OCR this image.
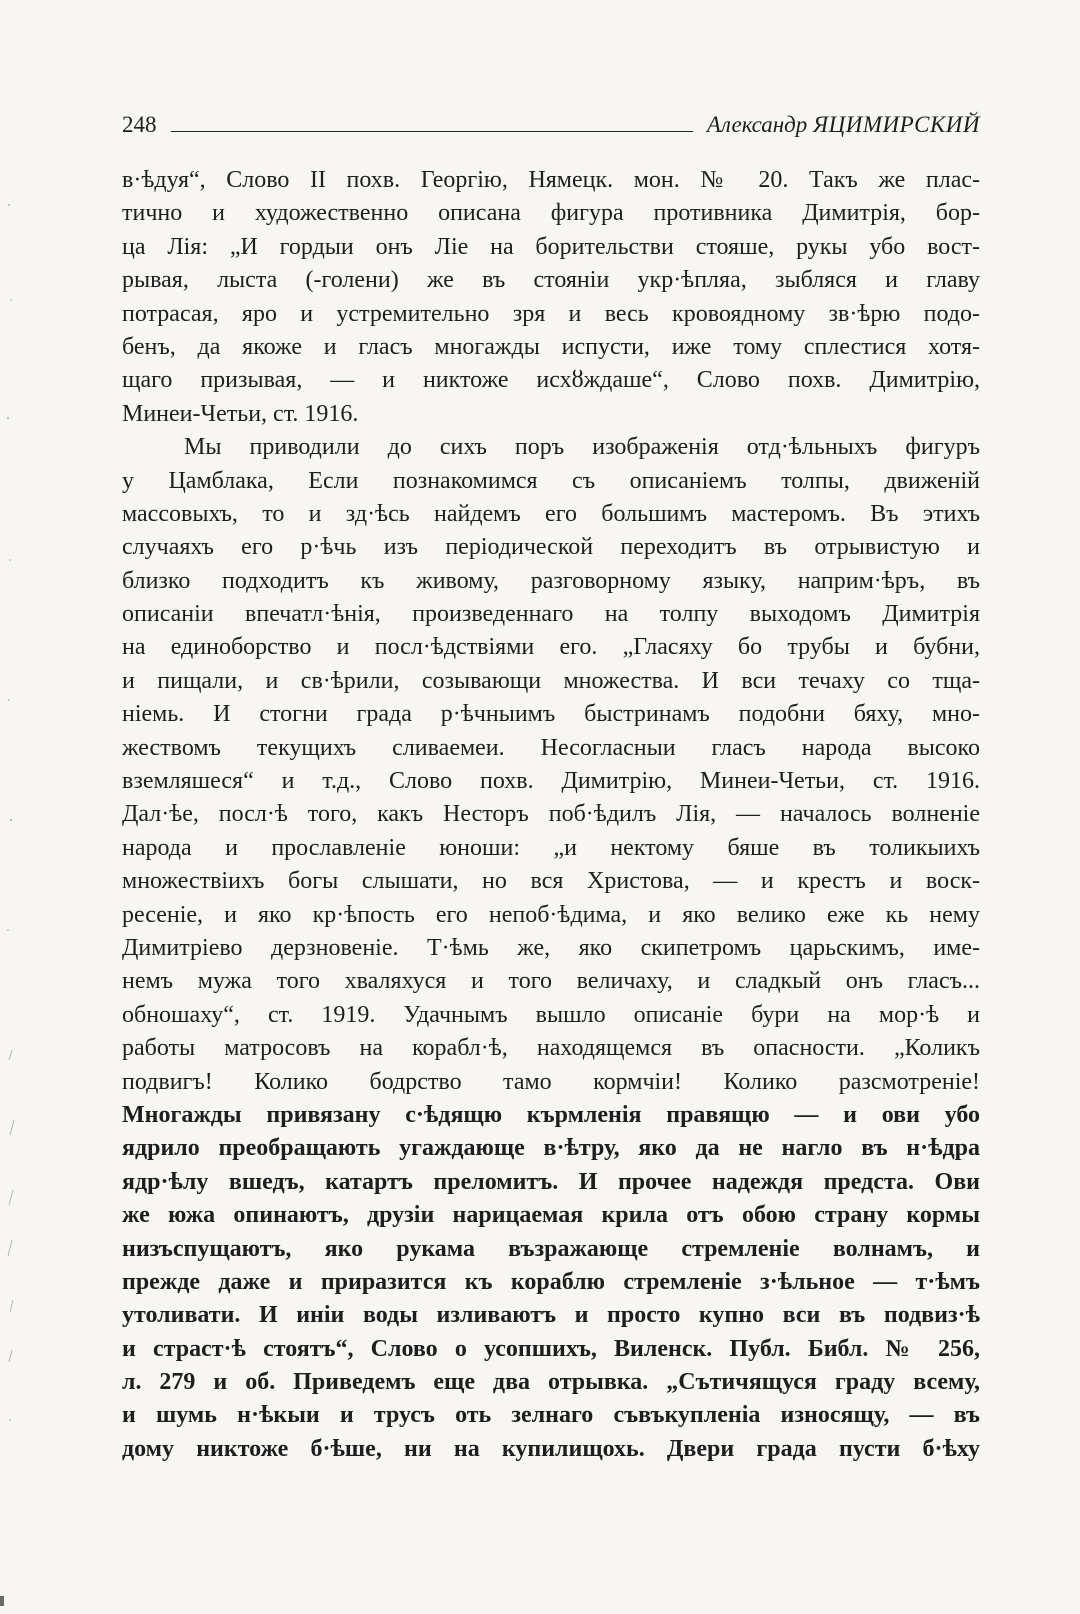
248	Александр ЯЦИМИРСКИЙ
в·ѣдуя“, Слово II похв. Георгію, Нямецк. мон. № 20. Такъ же плас-
тично и художественно описана фигура противника Димитрія, бор-
ца Лія: „И гордыи онъ Ліе на борительстви стояше, рукы убо вост-
рывая, лыста (-голени) же въ стояніи укр·ѣпляа, зыбляся и главу
потрасая, яро и устремительно зря и весь кровоядному зв·ѣрю подо-
бенъ, да якоже и гласъ многажды испусти, иже тому сплестися хотя-
щаго призывая, — и никтоже исхȣждаше“, Слово похв. Димитрію,
Минеи-Четьи, ст. 1916.
Мы приводили до сихъ поръ изображенія отд·ѣльныхъ фигуръ
у Цамблака, Если познакомимся съ описаніемъ толпы, движеній
массовыхъ, то и зд·ѣсь найдемъ его большимъ мастеромъ. Въ этихъ
случаяхъ его р·ѣчь изъ періодической переходитъ въ отрывистую и
близко подходитъ къ живому, разговорному языку, наприм·ѣръ, въ
описаніи впечатл·ѣнія, произведеннаго на толпу выходомъ Димитрія
на единоборство и посл·ѣдствіями его. „Гласяху бо трубы и бубни,
и пищали, и св·ѣрили, созывающи множества. И вси течаху со тща-
ніемь. И стогни града р·ѣчныимъ быстринамъ подобни бяху, мно-
жествомъ текущихъ сливаемеи. Несогласныи гласъ народа высоко
вземляшеся“ и т.д., Слово похв. Димитрію, Минеи-Четьи, ст. 1916.
Дал·ѣе, посл·ѣ того, какъ Несторъ поб·ѣдилъ Лія, — началось волненіе
народа и прославленіе юноши: „и нектому бяше въ толикыихъ
множествіихъ богы слышати, но вся Христова, — и крестъ и воск-
ресеніе, и яко кр·ѣпость его непоб·ѣдима, и яко велико еже кь нему
Димитріево дерзновеніе. Т·ѣмь же, яко скипетромъ царьскимъ, име-
немъ мужа того хваляхуся и того величаху, и сладкый онъ гласъ...
обношаху“, ст. 1919. Удачнымъ вышло описаніе бури на мор·ѣ и
работы матросовъ на корабл·ѣ, находящемся въ опасности. „Коликъ
подвигъ! Колико бодрство тамо кормчіи! Колико разсмотреніе!
Многажды привязану с·ѣдящю кърмленія правящю — и ови убо
ядрило преобращають угаждающе в·ѣтру, яко да не нагло въ н·ѣдра
ядр·ѣлу вшедъ, катартъ преломитъ. И прочее надеждя предста. Ови
же южа опинаютъ, друзіи нарицаемая крила отъ обою страну кормы
низъспущаютъ, яко рукама възражающе стремленіе волнамъ, и
прежде даже и приразится къ кораблю стремленіе з·ѣльное — т·ѣмъ
утоливати. И иніи воды изливаютъ и просто купно вси въ подвиз·ѣ
и страст·ѣ стоятъ“, Слово о усопшихъ, Виленск. Публ. Библ. № 256,
л. 279 и об. Приведемъ еще два отрывка. „Сътичящуся граду всему,
и шумь н·ѣкыи и трусъ оть зелнаго съвъкупленіа износящу, — въ
дому никтоже б·ѣше, ни на купилищохь. Двери града пусти б·ѣху
